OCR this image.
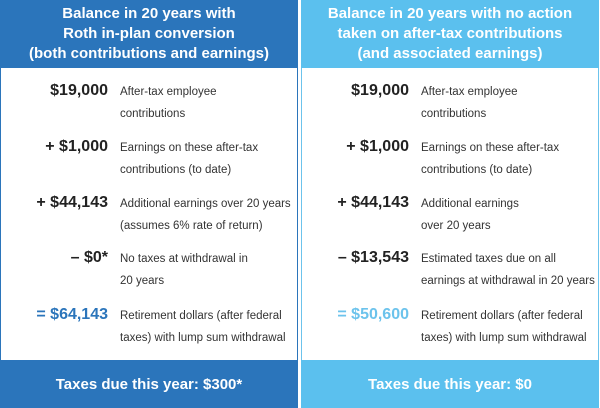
Balance in 20 years with
Roth in-plan conversion
(both contributions and earnings)
$19,000 After-tax employee
contributions
+ $1,000 Earnings on these after-tax
contributions (to date)
+ $44,143 Additional earnings over 20 years
(assumes 6% rate of return)
– $0* No taxes at withdrawal in
20 years
= $64,143 Retirement dollars (after federal
taxes) with lump sum withdrawal
Taxes due this year: $300*
Balance in 20 years with no action
taken on after-tax contributions
(and associated earnings)
$19,000 After-tax employee
contributions
+ $1,000 Earnings on these after-tax
contributions (to date)
+ $44,143 Additional earnings
over 20 years
– $13,543 Estimated taxes due on all
earnings at withdrawal in 20 years
= $50,600 Retirement dollars (after federal
taxes) with lump sum withdrawal
Taxes due this year: $0
